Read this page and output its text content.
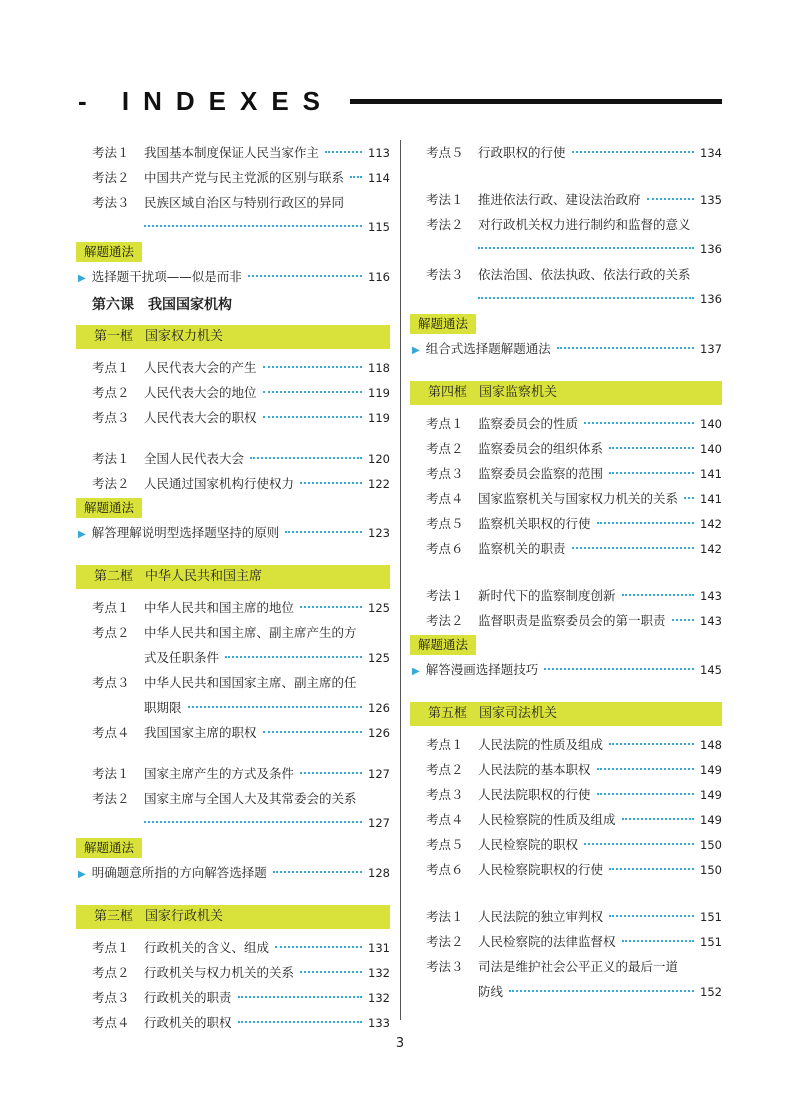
- INDEXES
考法１ 我国基本制度保证人民当家作主	113
考法２ 中国共产党与民主党派的区别与联系 114
考法３ 民族区域自治区与特别行政区的异同
115
解题通法
▶ 选择题干扰项——似是而非	116
第六课　我国国家机构
第一框 国家权力机关
考点１ 人民代表大会的产生	118
考点２ 人民代表大会的地位	119
考点３ 人民代表大会的职权	119
考法１ 全国人民代表大会	120
考法２ 人民通过国家机构行使权力	122
解题通法
▶ 解答理解说明型选择题坚持的原则	123
第二框 中华人民共和国主席
考点１ 中华人民共和国主席的地位	125
考点２ 中华人民共和国主席、副主席产生的方
式及任职条件	125
考点３ 中华人民共和国国家主席、副主席的任
职期限	126
考点４ 我国国家主席的职权	126
考法１ 国家主席产生的方式及条件	127
考法２ 国家主席与全国人大及其常委会的关系
127
解题通法
▶ 明确题意所指的方向解答选择题	128
第三框 国家行政机关
考点１ 行政机关的含义、组成	131
考点２ 行政机关与权力机关的关系	132
考点３ 行政机关的职责	132
考点４ 行政机关的职权	133
考点５ 行政职权的行使	134
考法１ 推进依法行政、建设法治政府	135
考法２ 对行政机关权力进行制约和监督的意义
136
考法３ 依法治国、依法执政、依法行政的关系
136
解题通法
▶ 组合式选择题解题通法	137
第四框 国家监察机关
考点１ 监察委员会的性质	140
考点２ 监察委员会的组织体系	140
考点３ 监察委员会监察的范围	141
考点４ 国家监察机关与国家权力机关的关系 141
考点５ 监察机关职权的行使	142
考点６ 监察机关的职责	142
考法１ 新时代下的监察制度创新	143
考法２ 监督职责是监察委员会的第一职责	143
解题通法
▶ 解答漫画选择题技巧	145
第五框 国家司法机关
考点１ 人民法院的性质及组成	148
考点２ 人民法院的基本职权	149
考点３ 人民法院职权的行使	149
考点４ 人民检察院的性质及组成	149
考点５ 人民检察院的职权	150
考点６ 人民检察院职权的行使	150
考法１ 人民法院的独立审判权	151
考法２ 人民检察院的法律监督权	151
考法３ 司法是维护社会公平正义的最后一道
防线	152
3
